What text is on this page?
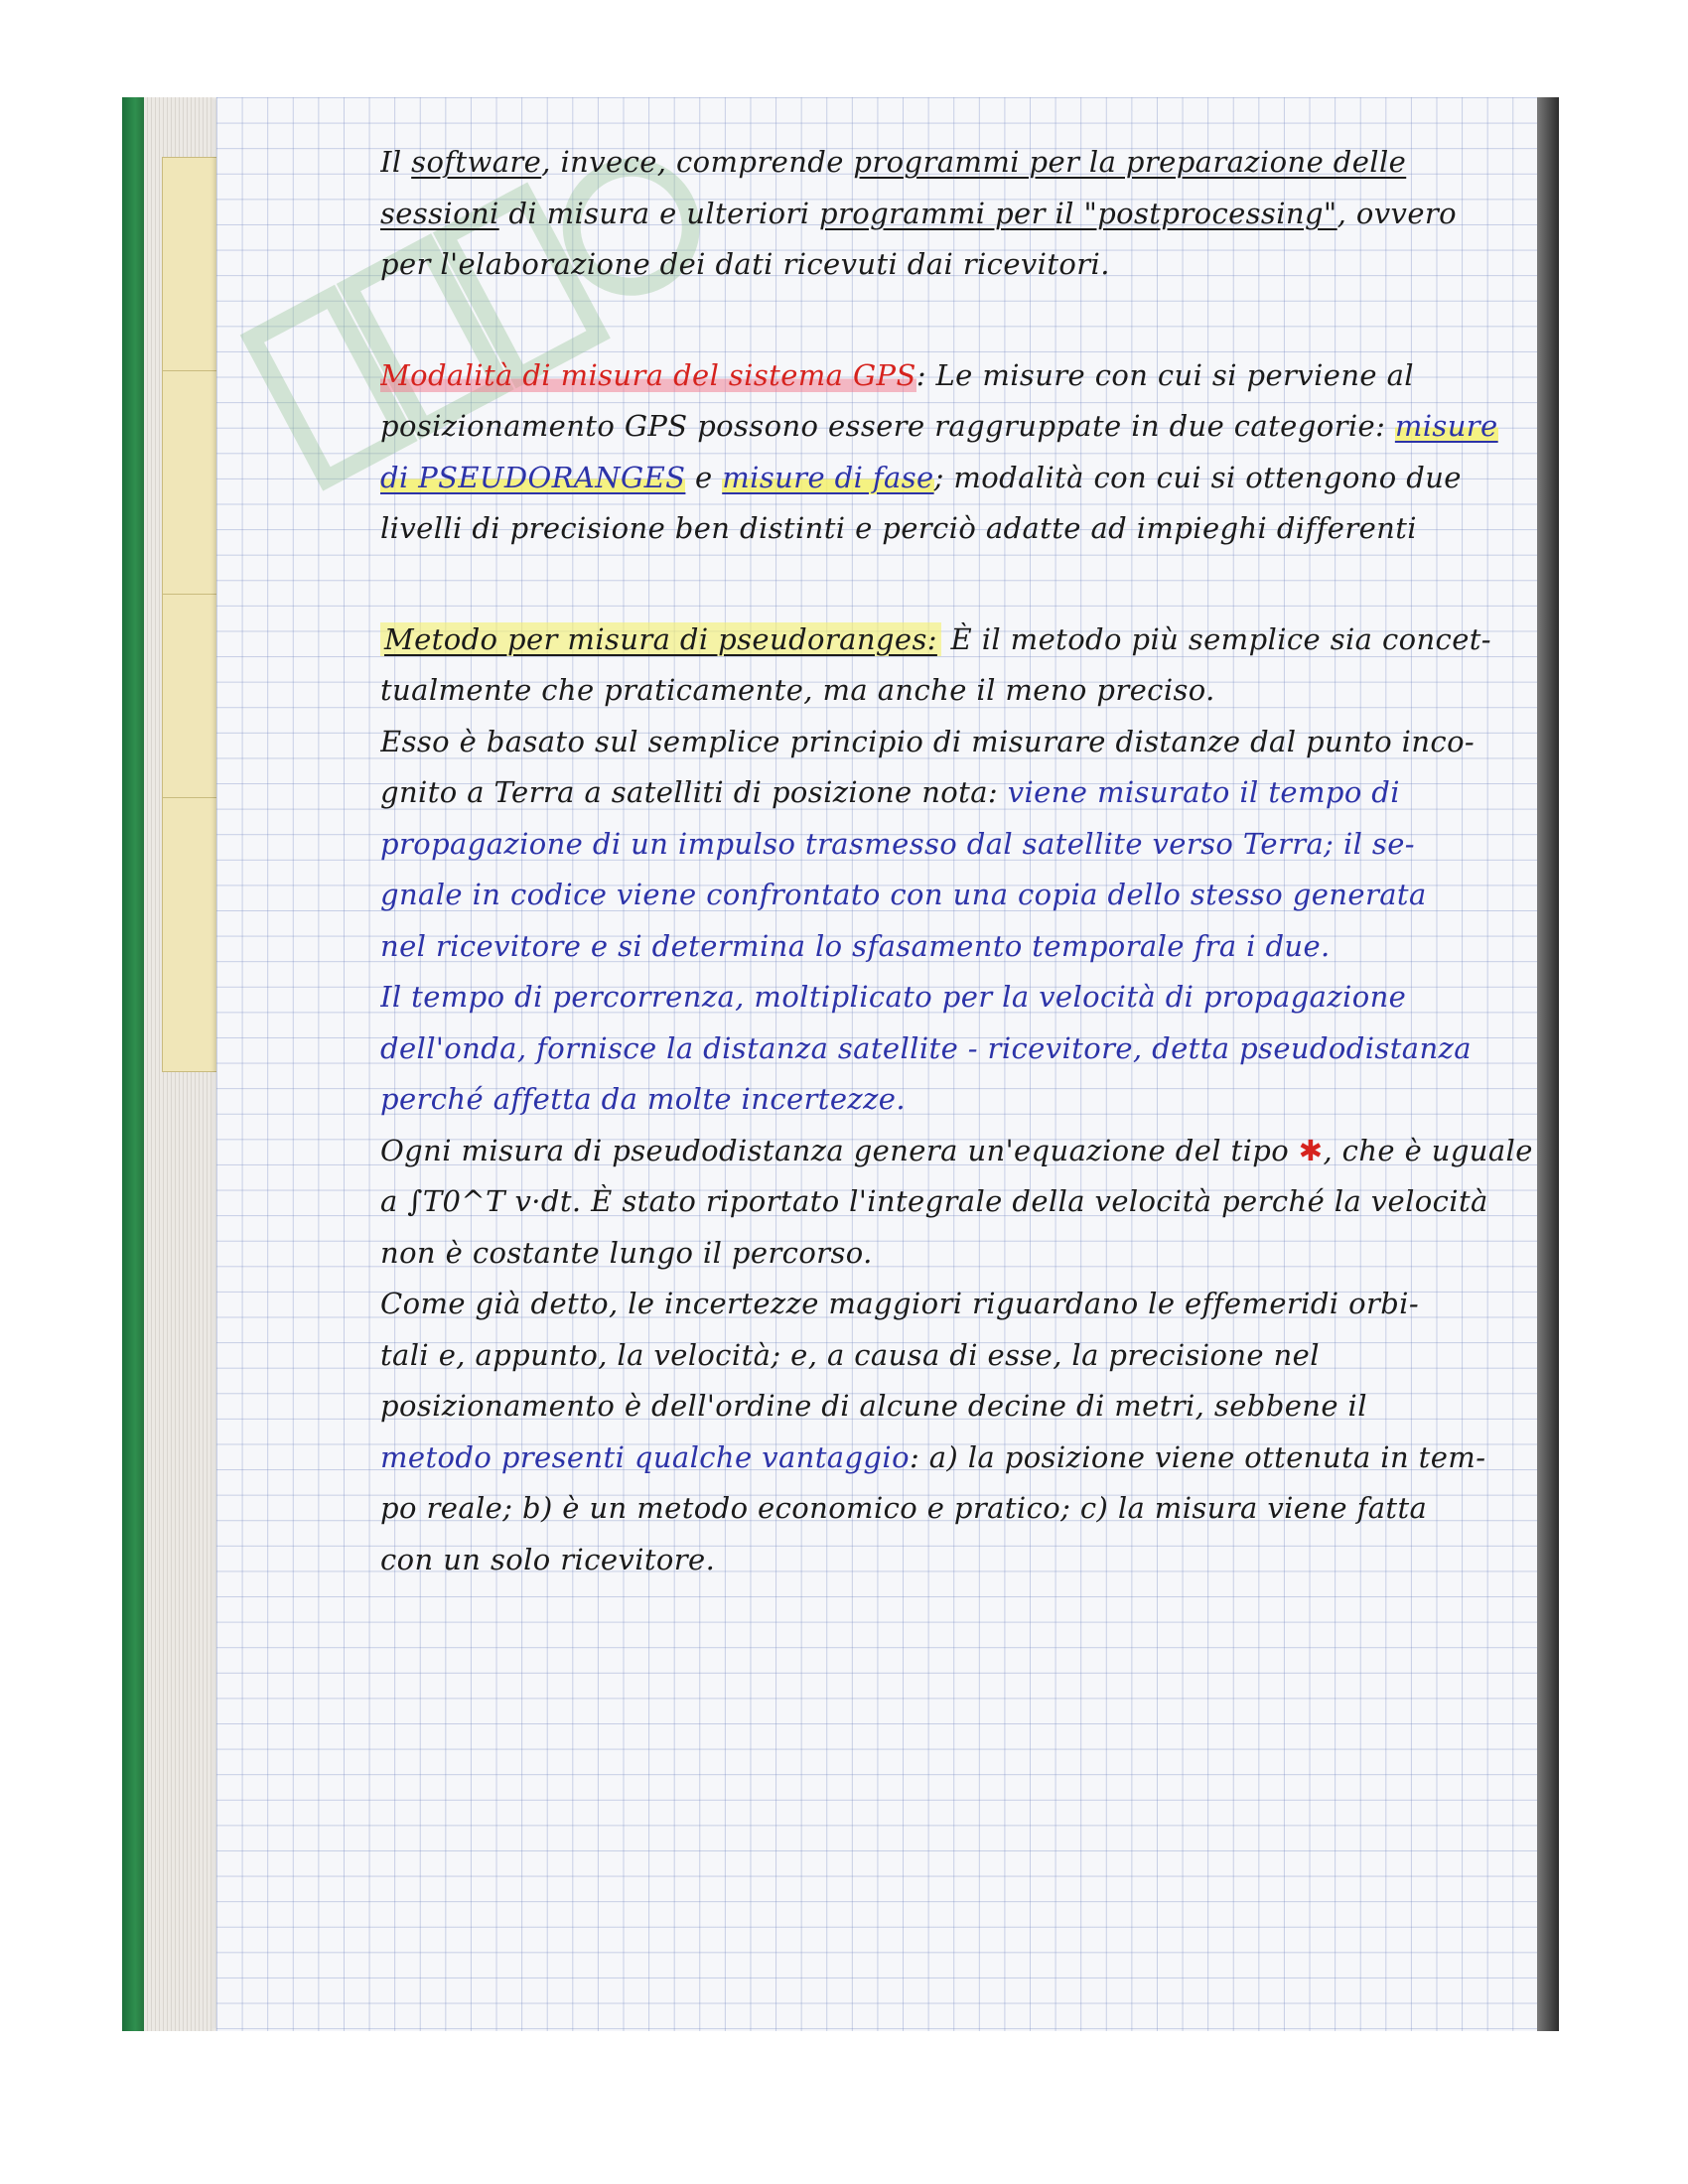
Il software, invece, comprende programmi per la preparazione delle
sessioni di misura e ulteriori programmi per il "postprocessing", ovvero
per l'elaborazione dei dati ricevuti dai ricevitori.
Modalità di misura del sistema GPS: Le misure con cui si perviene al
posizionamento GPS possono essere raggruppate in due categorie: misure
di PSEUDORANGES e misure di fase; modalità con cui si ottengono due
livelli di precisione ben distinti e perciò adatte ad impieghi differenti
Metodo per misura di pseudoranges: È il metodo più semplice sia concet-
tualmente che praticamente, ma anche il meno preciso.
Esso è basato sul semplice principio di misurare distanze dal punto inco-
gnito a Terra a satelliti di posizione nota: viene misurato il tempo di
propagazione di un impulso trasmesso dal satellite verso Terra; il se-
gnale in codice viene confrontato con una copia dello stesso generata
nel ricevitore e si determina lo sfasamento temporale fra i due.
Il tempo di percorrenza, moltiplicato per la velocità di propagazione
dell'onda, fornisce la distanza satellite - ricevitore, detta pseudodistanza
perché affetta da molte incertezze.
Ogni misura di pseudodistanza genera un'equazione del tipo ✱, che è uguale
a ∫T0^T v·dt. È stato riportato l'integrale della velocità perché la velocità
non è costante lungo il percorso.
Come già detto, le incertezze maggiori riguardano le effemeridi orbi-
tali e, appunto, la velocità; e, a causa di esse, la precisione nel
posizionamento è dell'ordine di alcune decine di metri, sebbene il
metodo presenti qualche vantaggio: a) la posizione viene ottenuta in tem-
po reale; b) è un metodo economico e pratico; c) la misura viene fatta
con un solo ricevitore.
